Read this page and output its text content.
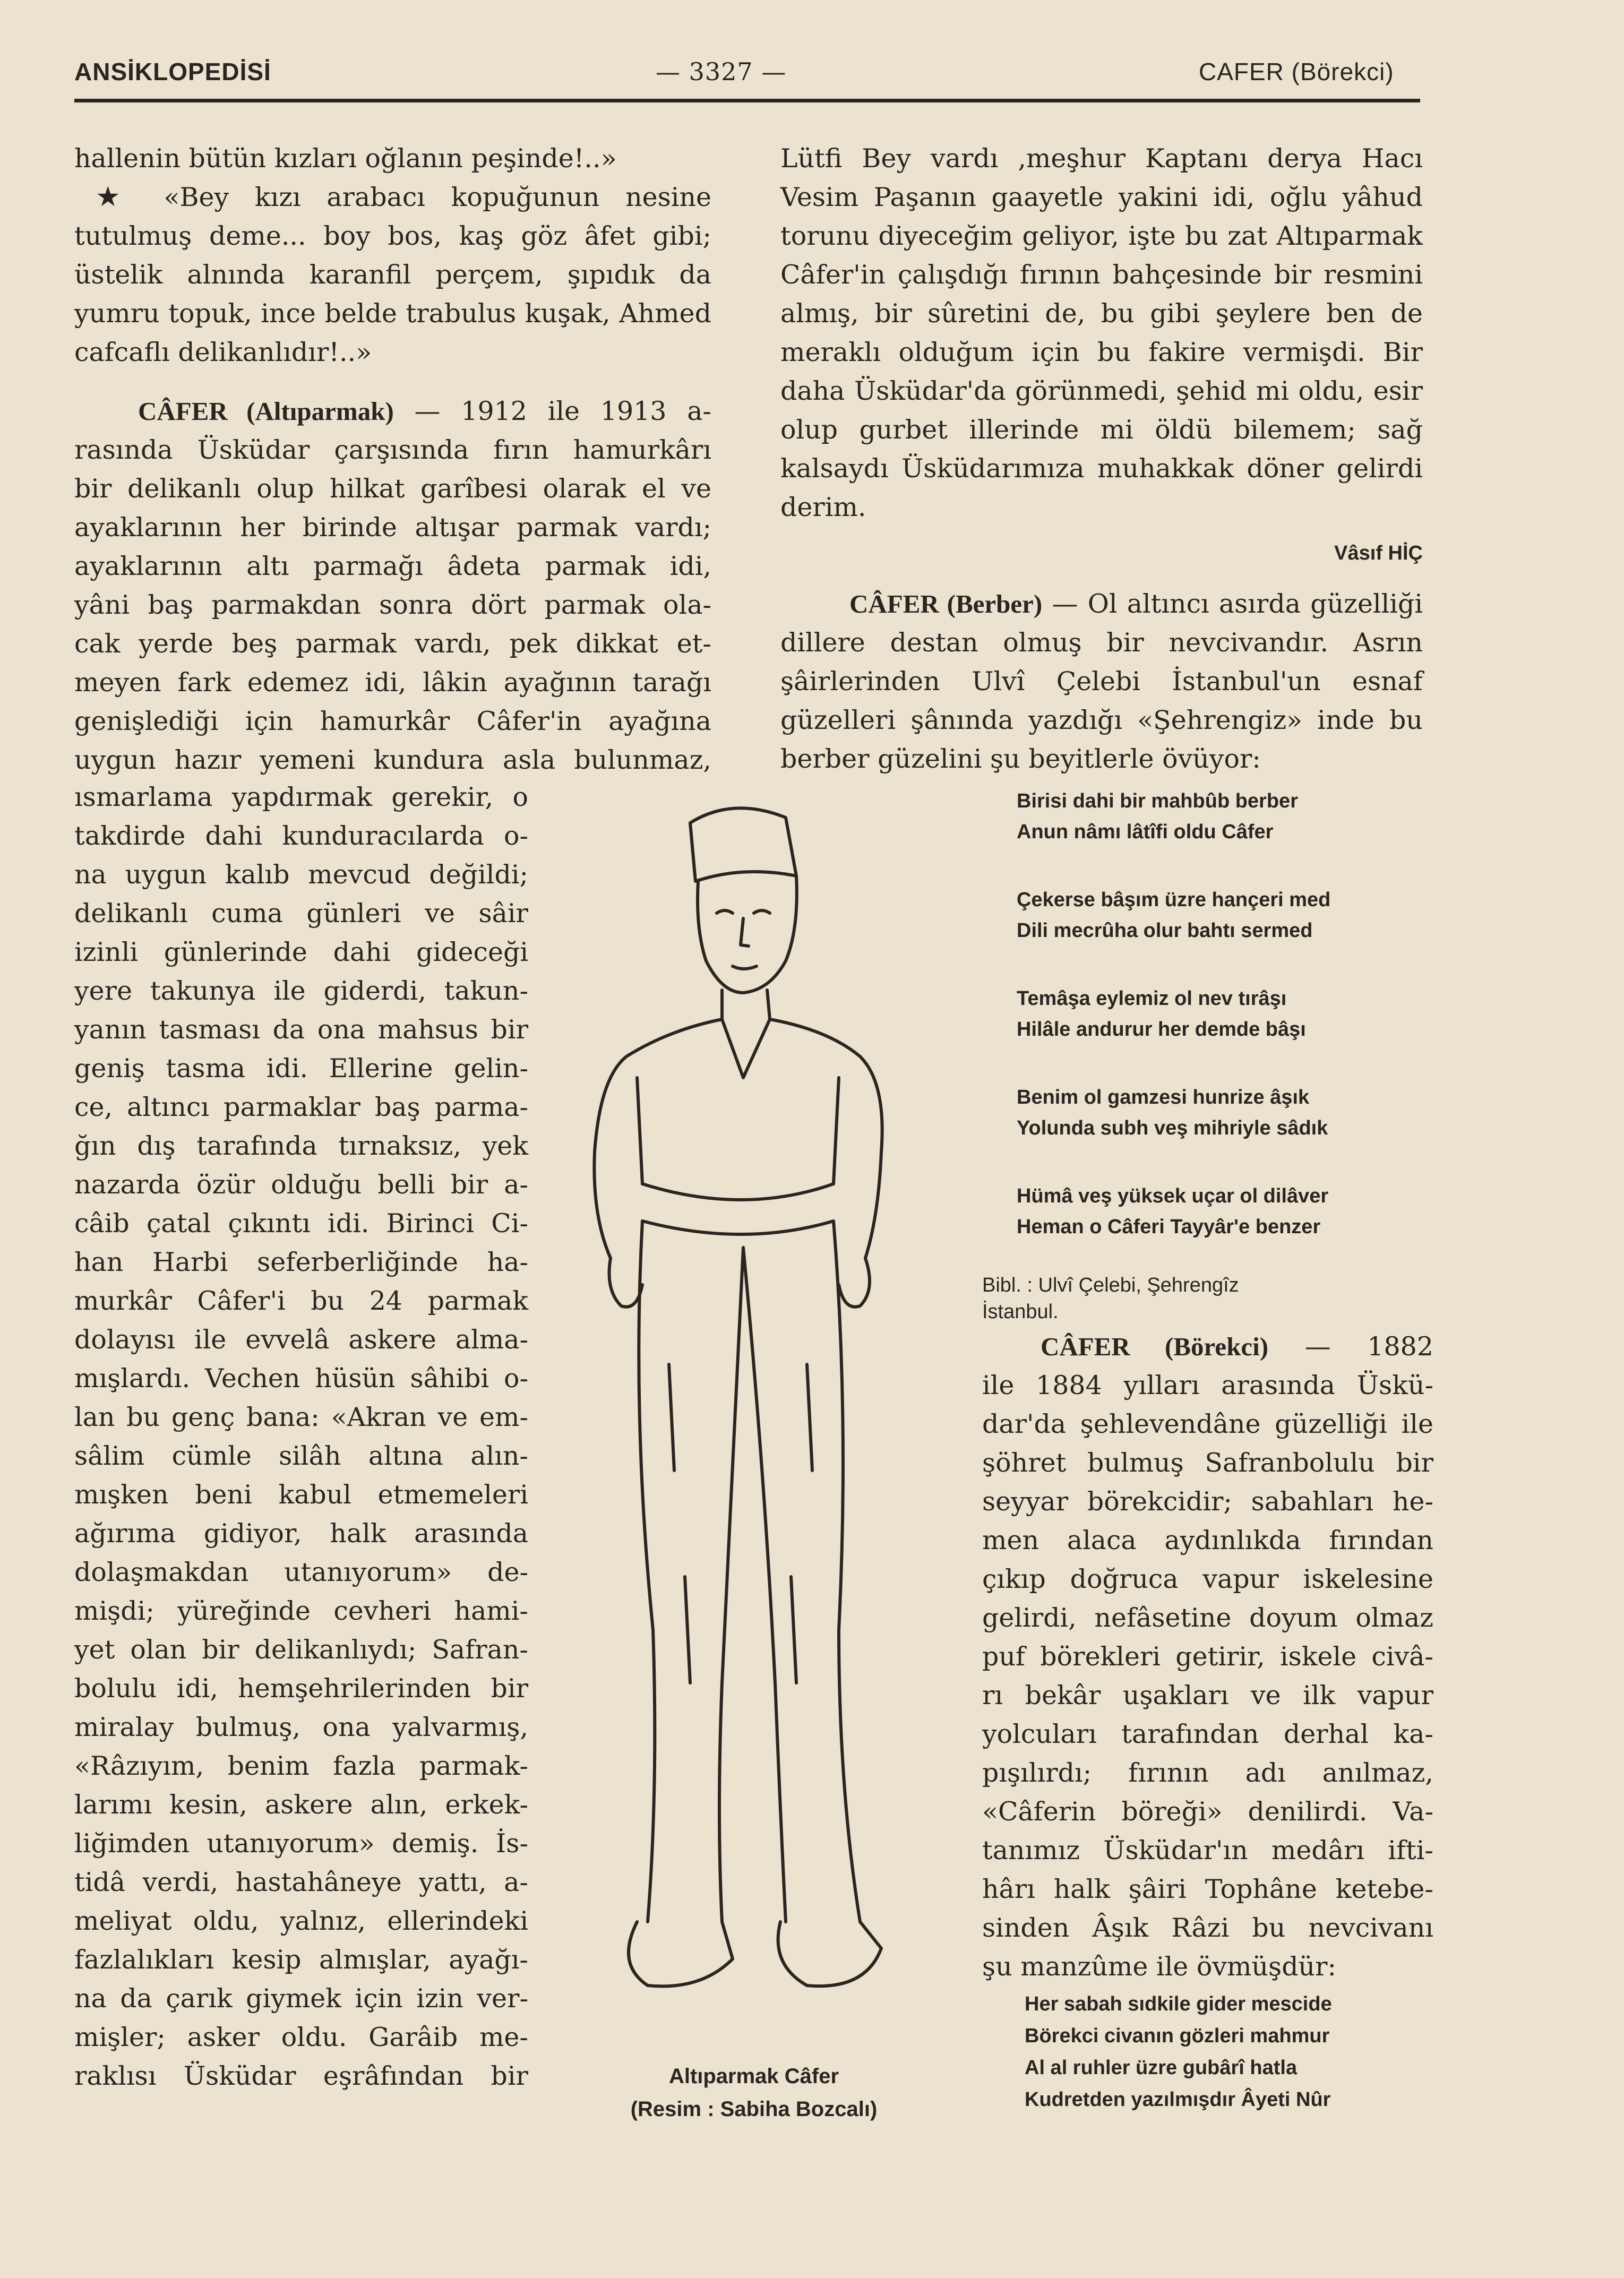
ANSİKLOPEDİSİ	— 3327 —	CAFER (Börekci)

hallenin bütün kızları oğlanın peşinde!..»

★ «Bey kızı arabacı kopuğunun nesine tutulmuş deme... boy bos, kaş göz âfet gibi; üstelik alnında karanfil perçem, şıpıdık da yumru topuk, ince belde trabulus kuşak, Ahmed cafcaflı delikanlıdır!..»

CÂFER (Altıparmak) — 1912 ile 1913 a-

rasında Üsküdar çarşısında fırın hamurkârı
bir delikanlı olup hilkat garîbesi olarak el ve
ayaklarının her birinde altışar parmak vardı;
ayaklarının altı parmağı âdeta parmak idi,
yâni baş parmakdan sonra dört parmak ola-
cak yerde beş parmak vardı, pek dikkat et-
meyen fark edemez idi, lâkin ayağının tarağı
genişlediği için hamurkâr Câfer'in ayağına
uygun hazır yemeni kundura asla bulunmaz,
ısmarlama yapdırmak gerekir, o
takdirde dahi kunduracılarda o-
na uygun kalıb mevcud değildi;
delikanlı cuma günleri ve sâir
izinli günlerinde dahi gideceği
yere takunya ile giderdi, takun-
yanın tasması da ona mahsus bir
geniş tasma idi. Ellerine gelin-
ce, altıncı parmaklar baş parma-
ğın dış tarafında tırnaksız, yek
nazarda özür olduğu belli bir a-
câib çatal çıkıntı idi. Birinci Ci-
han Harbi seferberliğinde ha-
murkâr Câfer'i bu 24 parmak
dolayısı ile evvelâ askere alma-
mışlardı. Vechen hüsün sâhibi o-
lan bu genç bana: «Akran ve em-
sâlim cümle silâh altına alın-
mışken beni kabul etmemeleri
ağırıma gidiyor, halk arasında
dolaşmakdan utanıyorum» de-
mişdi; yüreğinde cevheri hami-
yet olan bir delikanlıydı; Safran-
bolulu idi, hemşehrilerinden bir
miralay bulmuş, ona yalvarmış,
«Râzıyım, benim fazla parmak-
larımı kesin, askere alın, erkek-
liğimden utanıyorum» demiş. İs-
tidâ verdi, hastahâneye yattı, a-
meliyat oldu, yalnız, ellerindeki
fazlalıkları kesip almışlar, ayağı-
na da çarık giymek için izin ver-
mişler; asker oldu. Garâib me-
raklısı Üsküdar eşrâfından bir	Altıparmak Câfer
(Resim : Sabiha Bozcalı)

Lütfi Bey vardı ,meşhur Kaptanı derya Hacı Vesim Paşanın gaayetle yakini idi, oğlu yâhud torunu diyeceğim geliyor, işte bu zat Altıparmak Câfer'in çalışdığı fırının bahçesinde bir resmini almış, bir sûretini de, bu gibi şeylere ben de meraklı olduğum için bu fakire vermişdi. Bir daha Üsküdar'da görünmedi, şehid mi oldu, esir olup gurbet illerinde mi öldü bilemem; sağ kalsaydı Üsküdarımıza muhakkak döner gelirdi derim.

Vâsıf HİÇ

CÂFER (Berber) — Ol altıncı asırda güzelliği dillere destan olmuş bir nevcivandır. Asrın şâirlerinden Ulvî Çelebi İstanbul'un esnaf güzelleri şânında yazdığı «Şehrengiz» inde bu berber güzelini şu beyitlerle övüyor:

Birisi dahi bir mahbûb berber
Anun nâmı lâtîfi oldu Câfer
Çekerse bâşım üzre hançeri med
Dili mecrûha olur bahtı sermed
Temâşa eylemiz ol nev tırâşı
Hilâle andurur her demde bâşı
Benim ol gamzesi hunrize âşık
Yolunda subh veş mihriyle sâdık
Hümâ veş yüksek uçar ol dilâver
Heman o Câferi Tayyâr'e benzer
Bibl. : Ulvî Çelebi, Şehrengîz
İstanbul.

CÂFER (Börekci) — 1882

ile 1884 yılları arasında Üskü-
dar'da şehlevendâne güzelliği ile
şöhret bulmuş Safranbolulu bir
seyyar börekcidir; sabahları he-
men alaca aydınlıkda fırından
çıkıp doğruca vapur iskelesine
gelirdi, nefâsetine doyum olmaz
puf börekleri getirir, iskele civâ-
rı bekâr uşakları ve ilk vapur
yolcuları tarafından derhal ka-
pışılırdı; fırının adı anılmaz,
«Câferin böreği» denilirdi. Va-
tanımız Üsküdar'ın medârı ifti-
hârı halk şâiri Tophâne ketebe-
sinden Âşık Râzi bu nevcivanı
şu manzûme ile övmüşdür:
Her sabah sıdkile gider mescide
Börekci civanın gözleri mahmur
Al al ruhler üzre gubârî hatla
Kudretden yazılmışdır Âyeti Nûr
